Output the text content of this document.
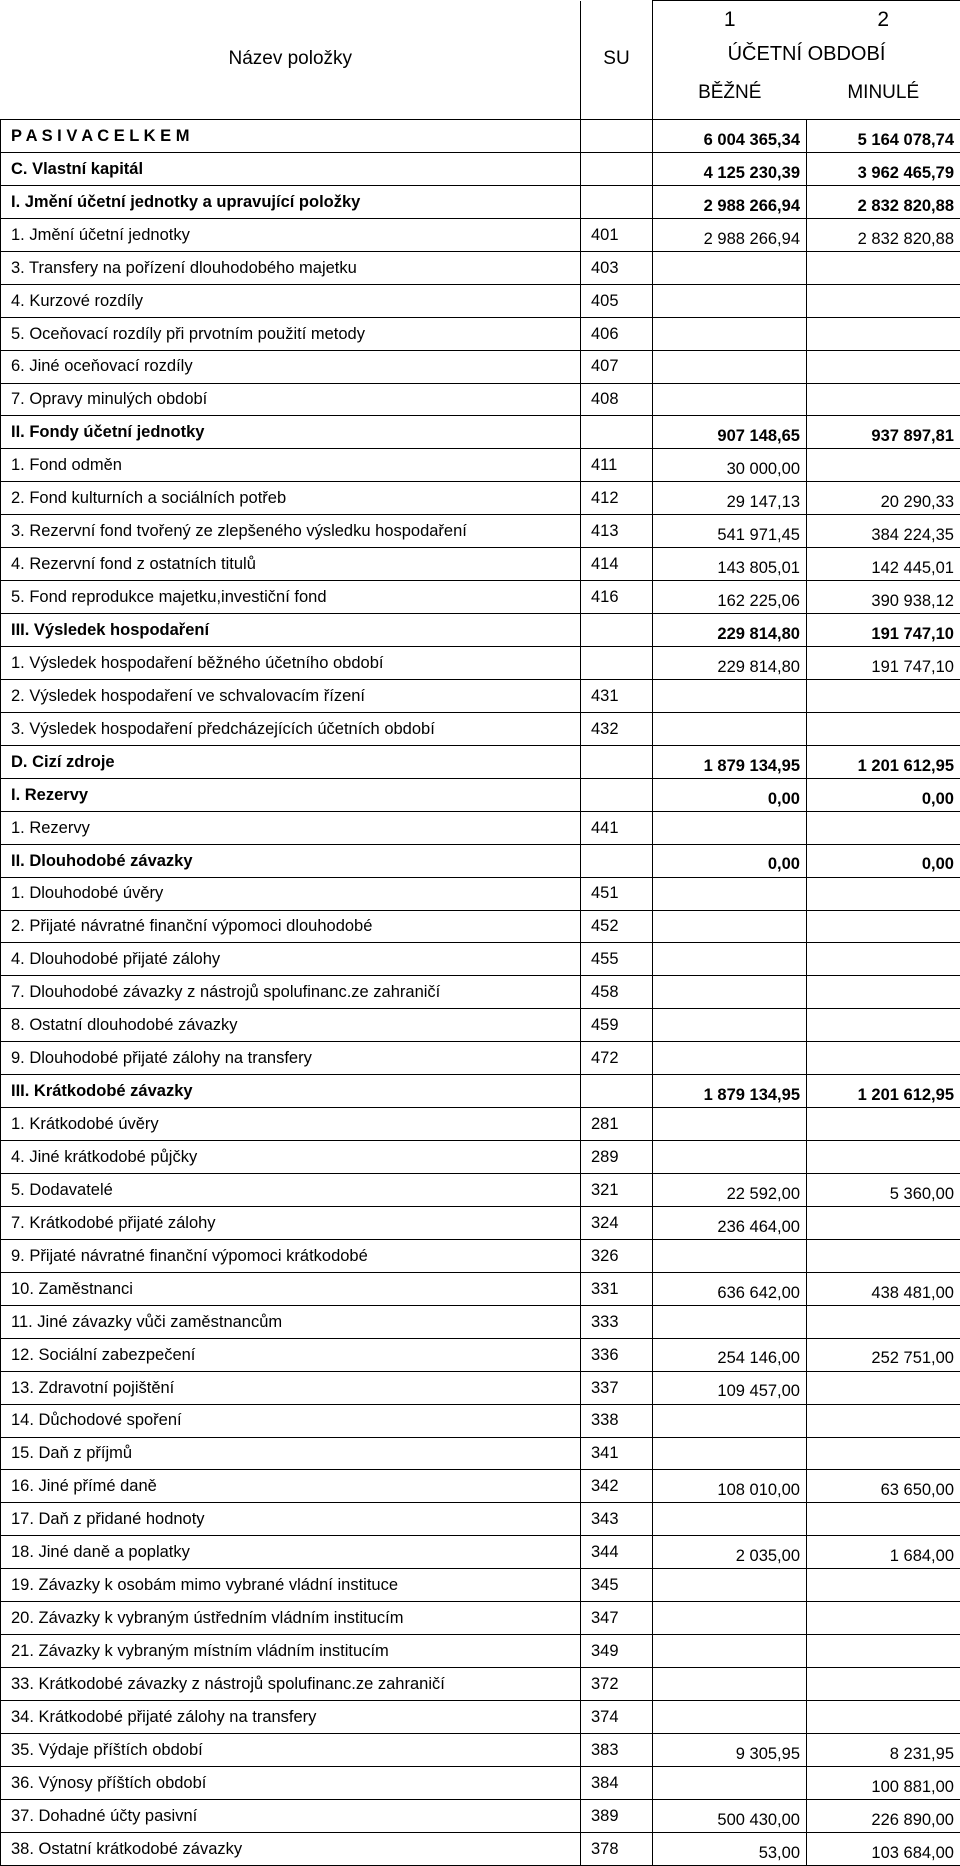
Název položky	SU	1	2
		ÚČETNÍ OBDOBÍ	
		BĚŽNÉ	MINULÉ
P A S I V A C E L K E M		6 004 365,34	5 164 078,74
C. Vlastní kapitál		4 125 230,39	3 962 465,79
I. Jmění účetní jednotky a upravující položky		2 988 266,94	2 832 820,88
1. Jmění účetní jednotky	401	2 988 266,94	2 832 820,88
3. Transfery na pořízení dlouhodobého majetku	403		
4. Kurzové rozdíly	405		
5. Oceňovací rozdíly při prvotním použití metody	406		
6. Jiné oceňovací rozdíly	407		
7. Opravy minulých období	408		
II. Fondy účetní jednotky		907 148,65	937 897,81
1. Fond odměn	411	30 000,00	
2. Fond kulturních a sociálních potřeb	412	29 147,13	20 290,33
3. Rezervní fond tvořený ze zlepšeného výsledku hospodaření	413	541 971,45	384 224,35
4. Rezervní fond z ostatních titulů	414	143 805,01	142 445,01
5. Fond reprodukce majetku,investiční fond	416	162 225,06	390 938,12
III. Výsledek hospodaření		229 814,80	191 747,10
1. Výsledek hospodaření běžného účetního období		229 814,80	191 747,10
2. Výsledek hospodaření ve schvalovacím řízení	431		
3. Výsledek hospodaření předcházejících účetních období	432		
D. Cizí zdroje		1 879 134,95	1 201 612,95
I. Rezervy		0,00	0,00
1. Rezervy	441		
II. Dlouhodobé závazky		0,00	0,00
1. Dlouhodobé úvěry	451		
2. Přijaté návratné finanční výpomoci dlouhodobé	452		
4. Dlouhodobé přijaté zálohy	455		
7. Dlouhodobé závazky z nástrojů spolufinanc.ze zahraničí	458		
8. Ostatní dlouhodobé závazky	459		
9. Dlouhodobé přijaté zálohy na transfery	472		
III. Krátkodobé závazky		1 879 134,95	1 201 612,95
1. Krátkodobé úvěry	281		
4. Jiné krátkodobé půjčky	289		
5. Dodavatelé	321	22 592,00	5 360,00
7. Krátkodobé přijaté zálohy	324	236 464,00	
9. Přijaté návratné finanční výpomoci krátkodobé	326		
10. Zaměstnanci	331	636 642,00	438 481,00
11. Jiné závazky vůči zaměstnancům	333		
12. Sociální zabezpečení	336	254 146,00	252 751,00
13. Zdravotní pojištění	337	109 457,00	
14. Důchodové spoření	338		
15. Daň z příjmů	341		
16. Jiné přímé daně	342	108 010,00	63 650,00
17. Daň z přidané hodnoty	343		
18. Jiné daně a poplatky	344	2 035,00	1 684,00
19. Závazky k osobám mimo vybrané vládní instituce	345		
20. Závazky k vybraným ústředním vládním institucím	347		
21. Závazky k vybraným místním vládním institucím	349		
33. Krátkodobé závazky z nástrojů spolufinanc.ze zahraničí	372		
34. Krátkodobé přijaté zálohy na transfery	374		
35. Výdaje příštích období	383	9 305,95	8 231,95
36. Výnosy příštích období	384		100 881,00
37. Dohadné účty pasivní	389	500 430,00	226 890,00
38. Ostatní krátkodobé závazky	378	53,00	103 684,00
